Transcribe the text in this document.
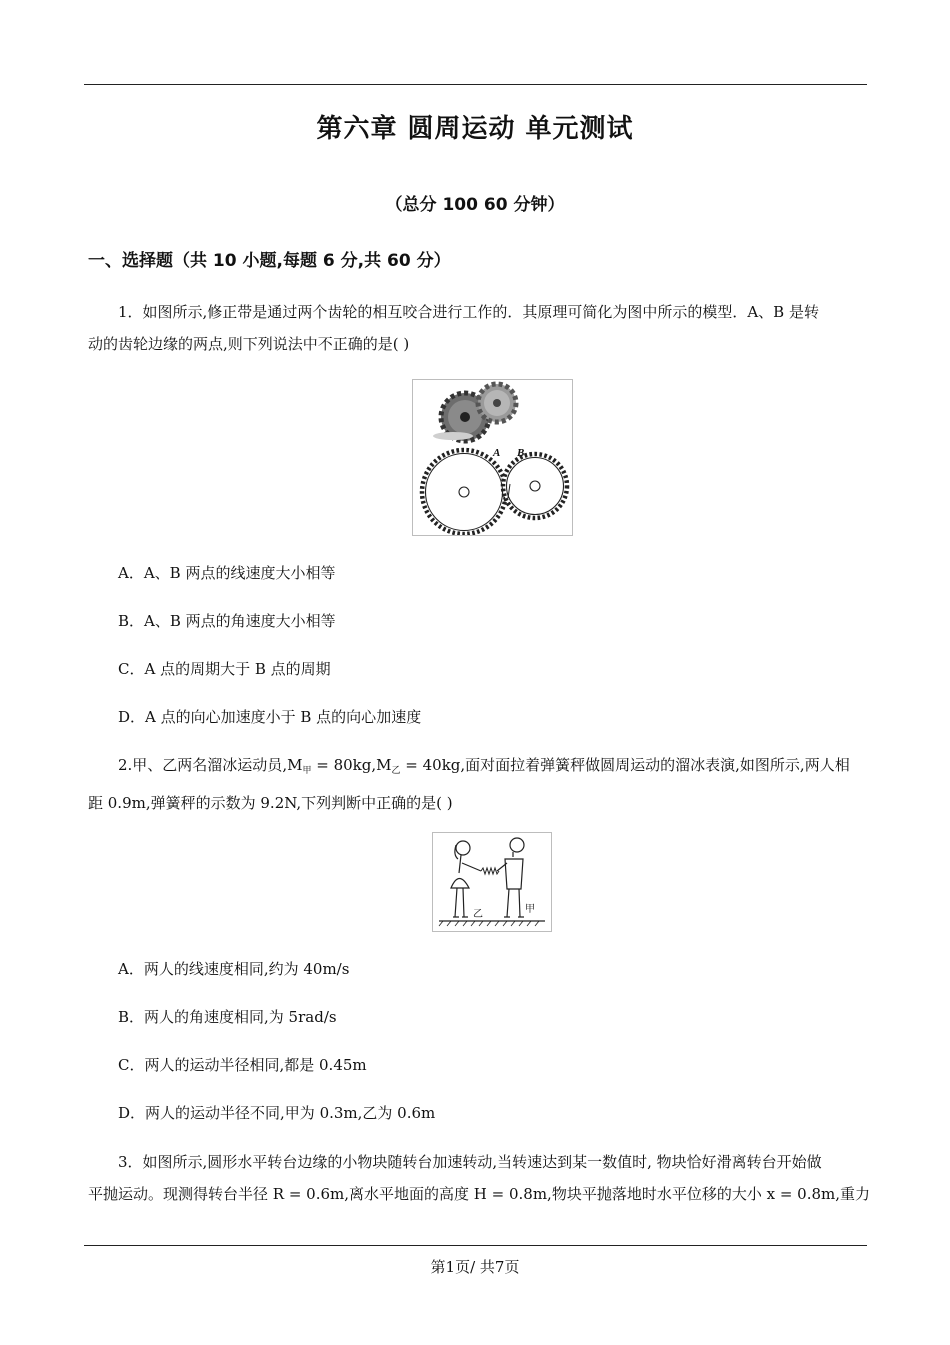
第六章 圆周运动 单元测试
（总分 100 60 分钟）
一、选择题（共 10 小题,每题 6 分,共 60 分）
1．如图所示,修正带是通过两个齿轮的相互咬合进行工作的．其原理可简化为图中所示的模型．A、B 是转
动的齿轮边缘的两点,则下列说法中不正确的是( )
A B
A．A、B 两点的线速度大小相等
B．A、B 两点的角速度大小相等
C．A 点的周期大于 B 点的周期
D．A 点的向心加速度小于 B 点的向心加速度
2.甲、乙两名溜冰运动员$,M_甲 = 80kg,M_乙 = 40kg$,面对面拉着弹簧秤做圆周运动的溜冰表演,如图所示,两人相
距 0.9m,弹簧秤的示数为 9.2N,下列判断中正确的是( )
乙	甲
A．两人的线速度相同,约为 40m/s
B．两人的角速度相同,为 5rad/s
C．两人的运动半径相同,都是 0.45m
D．两人的运动半径不同,甲为 0.3m,乙为 0.6m
3．如图所示,圆形水平转台边缘的小物块随转台加速转动,当转速达到某一数值时, 物块恰好滑离转台开始做
平抛运动。现测得转台半径 R = 0.6m,离水平地面的高度 H = 0.8m,物块平抛落地时水平位移的大小 x = 0.8m,重力
第1页/ 共7页
